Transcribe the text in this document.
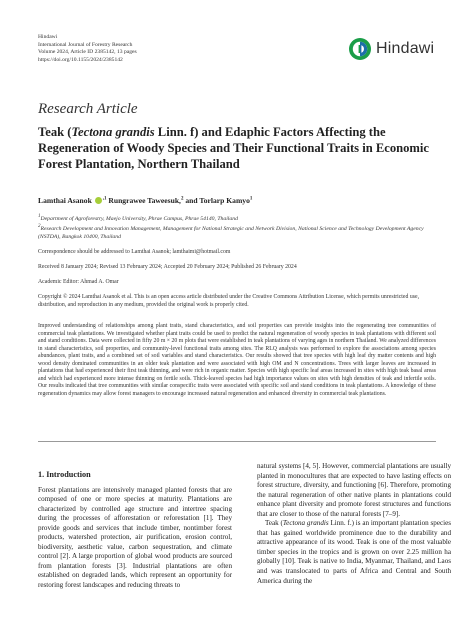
Hindawi
International Journal of Forestry Research
Volume 2024, Article ID 2385142, 13 pages
https://doi.org/10.1155/2024/2385142
Hindawi
Research Article
Teak (Tectona grandis Linn. f) and Edaphic Factors Affecting the Regeneration of Woody Species and Their Functional Traits in Economic Forest Plantation, Northern Thailand
Lamthai Asanok $^{,1}$ Rungrawee Taweesuk,$^2$ and Torlarp Kamyo$^1$
$^1$Department of Agroforestry, Maejo University, Phrae Campus, Phrae 54140, Thailand
$^2$Research Development and Innovation Management, Management for National Strategic and Network Division, National Science and Technology Development Agency (NSTDA), Bangkok 10400, Thailand
Correspondence should be addressed to Lamthai Asanok; lamthaimi@hotmail.com
Received 8 January 2024; Revised 13 February 2024; Accepted 20 February 2024; Published 26 February 2024
Academic Editor: Ahmad A. Omar
Copyright © 2024 Lamthai Asanok et al. This is an open access article distributed under the Creative Commons Attribution License, which permits unrestricted use, distribution, and reproduction in any medium, provided the original work is properly cited.
Improved understanding of relationships among plant traits, stand characteristics, and soil properties can provide insights into the regenerating tree communities of commercial teak plantations. We investigated whether plant traits could be used to predict the natural regeneration of woody species in teak plantations with different soil and stand conditions. Data were collected in fifty 20 m × 20 m plots that were established in teak plantations of varying ages in northern Thailand. We analyzed differences in stand characteristics, soil properties, and community-level functional traits among sites. The RLQ analysis was performed to explore the associations among species abundances, plant traits, and a combined set of soil variables and stand characteristics. Our results showed that tree species with high leaf dry matter contents and high wood density dominated communities in an older teak plantation and were associated with high OM and N concentrations. Trees with larger leaves are increased in plantations that had experienced their first teak thinning, and were rich in organic matter. Species with high specific leaf areas increased in sites with high teak basal areas and which had experienced more intense thinning on fertile soils. Thick-leaved species had high importance values on sites with high densities of teak and infertile soils. Our results indicated that tree communities with similar conspecific traits were associated with specific soil and stand conditions in teak plantations. A knowledge of these regeneration dynamics may allow forest managers to encourage increased natural regeneration and enhanced diversity in commercial teak plantations.
1. Introduction

Forest plantations are intensively managed planted forests that are composed of one or more species at maturity. Plantations are characterized by controlled age structure and intertree spacing during the processes of afforestation or reforestation [1]. They provide goods and services that include timber, nontimber forest products, watershed protection, air purification, erosion control, biodiversity, aesthetic value, carbon sequestration, and climate control [2]. A large proportion of global wood products are sourced from plantation forests [3]. Industrial plantations are often established on degraded lands, which represent an opportunity for restoring forest landscapes and reducing threats to

natural systems [4, 5]. However, commercial plantations are usually planted in monocultures that are expected to have lasting effects on forest structure, diversity, and functioning [6]. Therefore, promoting the natural regeneration of other native plants in plantations could enhance plant diversity and promote forest structures and functions that are closer to those of the natural forests [7–9].

Teak (Tectona grandis Linn. f.) is an important plantation species that has gained worldwide prominence due to the durability and attractive appearance of its wood. Teak is one of the most valuable timber species in the tropics and is grown on over 2.25 million ha globally [10]. Teak is native to India, Myanmar, Thailand, and Laos and was translocated to parts of Africa and Central and South America during the
